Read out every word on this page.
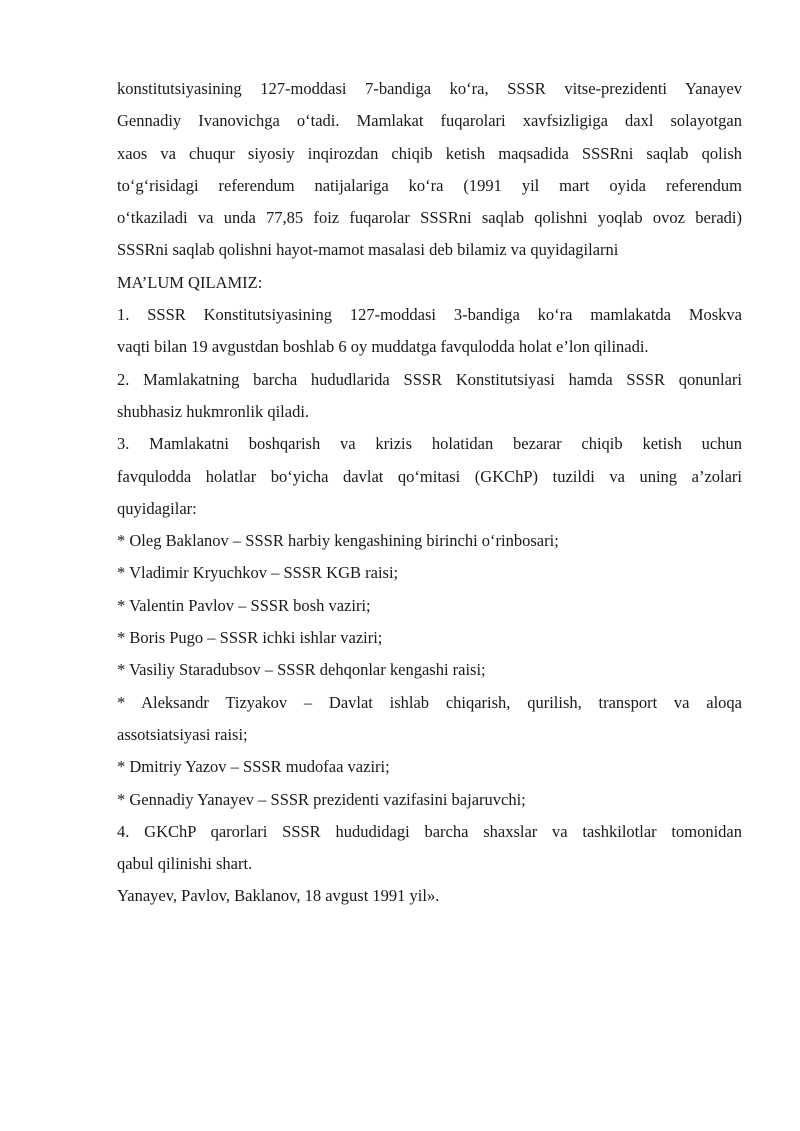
konstitutsiyasining 127-moddasi 7-bandiga koʻra, SSSR vitse-prezidenti Yanayev
Gennadiy Ivanovichga oʻtadi. Mamlakat fuqarolari xavfsizligiga daxl solayotgan
xaos va chuqur siyosiy inqirozdan chiqib ketish maqsadida SSSRni saqlab qolish
toʻgʻrisidagi referendum natijalariga koʻra (1991 yil mart oyida referendum
oʻtkaziladi va unda 77,85 foiz fuqarolar SSSRni saqlab qolishni yoqlab ovoz beradi)
SSSRni saqlab qolishni hayot-mamot masalasi deb bilamiz va quyidagilarni
MA’LUM QILAMIZ:
1. SSSR Konstitutsiyasining 127-moddasi 3-bandiga koʻra mamlakatda Moskva
vaqti bilan 19 avgustdan boshlab 6 oy muddatga favqulodda holat e’lon qilinadi.
2. Mamlakatning barcha hududlarida SSSR Konstitutsiyasi hamda SSSR qonunlari
shubhasiz hukmronlik qiladi.
3. Mamlakatni boshqarish va krizis holatidan bezarar chiqib ketish uchun
favqulodda holatlar boʻyicha davlat qoʻmitasi (GKChP) tuzildi va uning a’zolari
quyidagilar:
* Oleg Baklanov – SSSR harbiy kengashining birinchi oʻrinbosari;
* Vladimir Kryuchkov – SSSR KGB raisi;
* Valentin Pavlov – SSSR bosh vaziri;
* Boris Pugo – SSSR ichki ishlar vaziri;
* Vasiliy Staradubsov – SSSR dehqonlar kengashi raisi;
* Aleksandr Tizyakov – Davlat ishlab chiqarish, qurilish, transport va aloqa
assotsiatsiyasi raisi;
* Dmitriy Yazov – SSSR mudofaa vaziri;
* Gennadiy Yanayev – SSSR prezidenti vazifasini bajaruvchi;
4. GKChP qarorlari SSSR hududidagi barcha shaxslar va tashkilotlar tomonidan
qabul qilinishi shart.
Yanayev, Pavlov, Baklanov, 18 avgust 1991 yil».
